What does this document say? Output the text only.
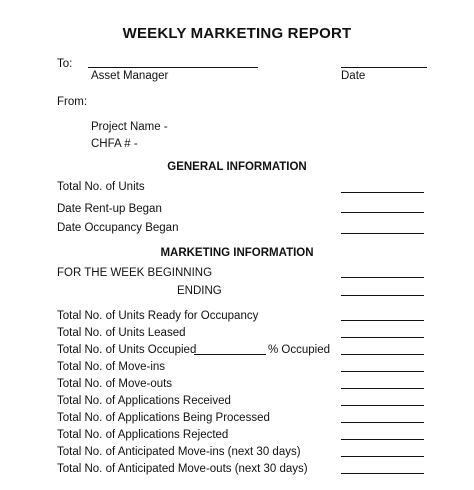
WEEKLY MARKETING REPORT
To:
Asset Manager	Date
From:
Project Name -
CHFA # -
GENERAL INFORMATION
Total No. of Units
Date Rent-up Began
Date Occupancy Began
MARKETING INFORMATION
FOR THE WEEK BEGINNING
ENDING
Total No. of Units Ready for Occupancy
Total No. of Units Leased
Total No. of Units Occupied	% Occupied
Total No. of Move-ins
Total No. of Move-outs
Total No. of Applications Received
Total No. of Applications Being Processed
Total No. of Applications Rejected
Total No. of Anticipated Move-ins (next 30 days)
Total No. of Anticipated Move-outs (next 30 days)
